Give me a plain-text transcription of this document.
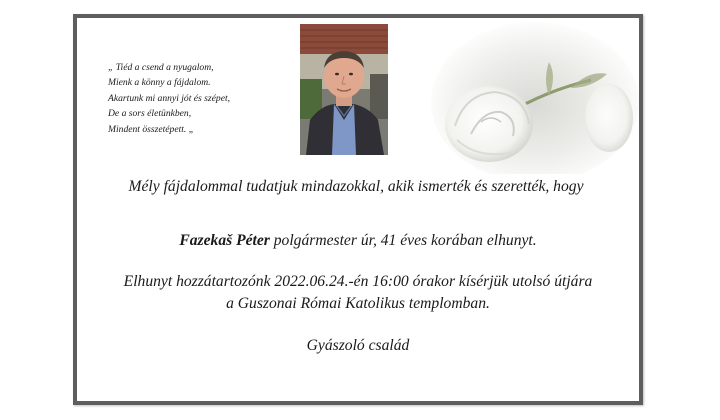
„ Tiéd a csend a nyugalom,
Mienk a könny a fájdalom.
Akartunk mi annyi jót és szépet,
De a sors életünkben,
Mindent összetépett. „
Mély fájdalommal tudatjuk mindazokkal, akik ismerték és szerették, hogy
Fazekaš Péter polgármester úr, 41 éves korában elhunyt.
Elhunyt hozzátartozónk 2022.06.24.-én 16:00 órakor kísérjük utolsó útjára
a Guszonai Római Katolikus templomban.
Gyászoló család
